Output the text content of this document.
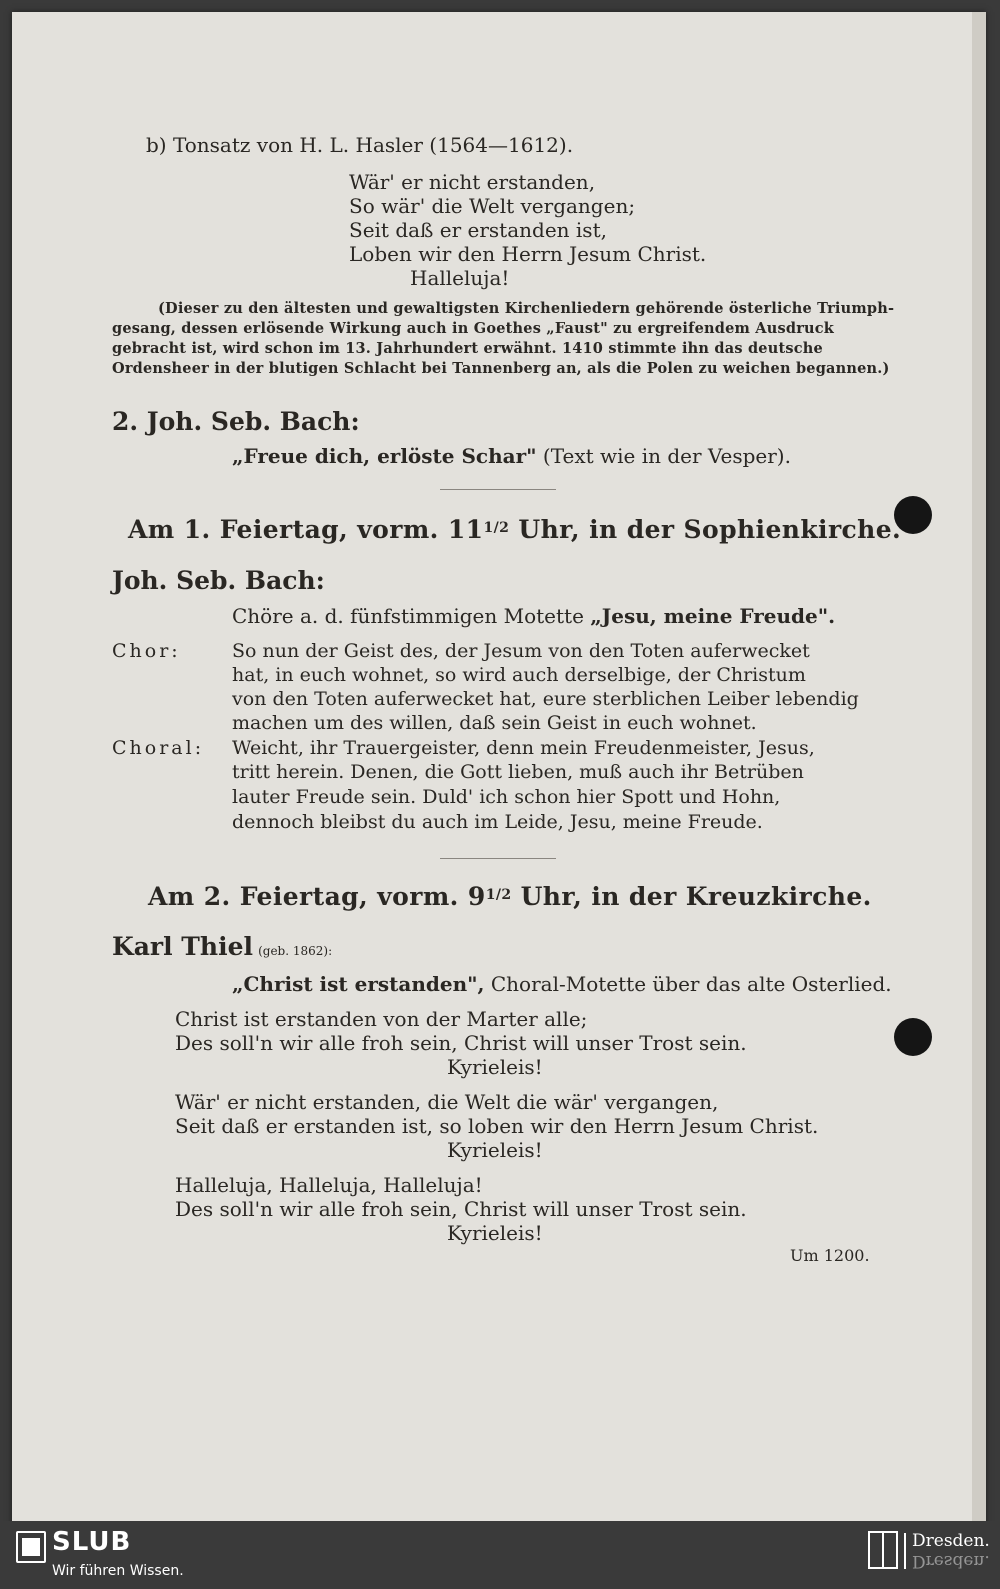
b) Tonsatz von H. L. Hasler (1564—1612).
Wär' er nicht erstanden,
So wär' die Welt vergangen;
Seit daß er erstanden ist,
Loben wir den Herrn Jesum Christ.
Halleluja!
(Dieser zu den ältesten und gewaltigsten Kirchenliedern gehörende österliche Triumph-
gesang, dessen erlösende Wirkung auch in Goethes „Faust" zu ergreifendem Ausdruck
gebracht ist, wird schon im 13. Jahrhundert erwähnt. 1410 stimmte ihn das deutsche
Ordensheer in der blutigen Schlacht bei Tannenberg an, als die Polen zu weichen begannen.)
2. Joh. Seb. Bach:
„Freue dich, erlöste Schar" (Text wie in der Vesper).
Am 1. Feiertag, vorm. $11^{1/2}$ Uhr, in der Sophienkirche.
Joh. Seb. Bach:
Chöre a. d. fünfstimmigen Motette „Jesu, meine Freude".
Chor:	So nun der Geist des, der Jesum von den Toten auferwecket
hat, in euch wohnet, so wird auch derselbige, der Christum
von den Toten auferwecket hat, eure sterblichen Leiber lebendig
machen um des willen, daß sein Geist in euch wohnet.
Choral: Weicht, ihr Trauergeister, denn mein Freudenmeister, Jesus,
tritt herein. Denen, die Gott lieben, muß auch ihr Betrüben
lauter Freude sein. Duld' ich schon hier Spott und Hohn,
dennoch bleibst du auch im Leide, Jesu, meine Freude.
Am 2. Feiertag, vorm. $9^{1/2}$ Uhr, in der Kreuzkirche.
Karl Thiel (geb. 1862):
„Christ ist erstanden", Choral-Motette über das alte Osterlied.
Christ ist erstanden von der Marter alle;
Des soll'n wir alle froh sein, Christ will unser Trost sein.
Kyrieleis!
Wär' er nicht erstanden, die Welt die wär' vergangen,
Seit daß er erstanden ist, so loben wir den Herrn Jesum Christ.
Kyrieleis!
Halleluja, Halleluja, Halleluja!
Des soll'n wir alle froh sein, Christ will unser Trost sein.
Kyrieleis!
Um 1200.
SLUB
Wir führen Wissen.
Dresden.
Dresden.
